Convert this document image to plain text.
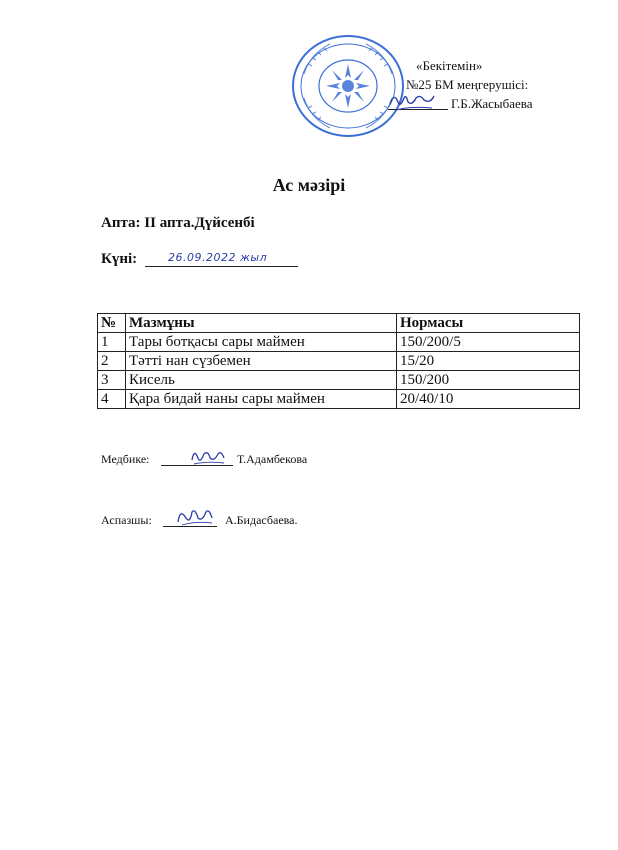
«Бекітемін»
№25 БМ меңгерушісі:
Г.Б.Жасыбаева
Ас мәзірі
Апта: ІІ апта.Дүйсенбі
Күні:	26.09.2022 жыл
№	Мазмұны	Нормасы
1	Тары ботқасы сары маймен	150/200/5
2	Тәтті нан сүзбемен	15/20
3	Кисель	150/200
4	Қара бидай наны сары маймен	20/40/10
Медбике:	Т.Адамбекова
Аспазшы:	А.Бидасбаева.
